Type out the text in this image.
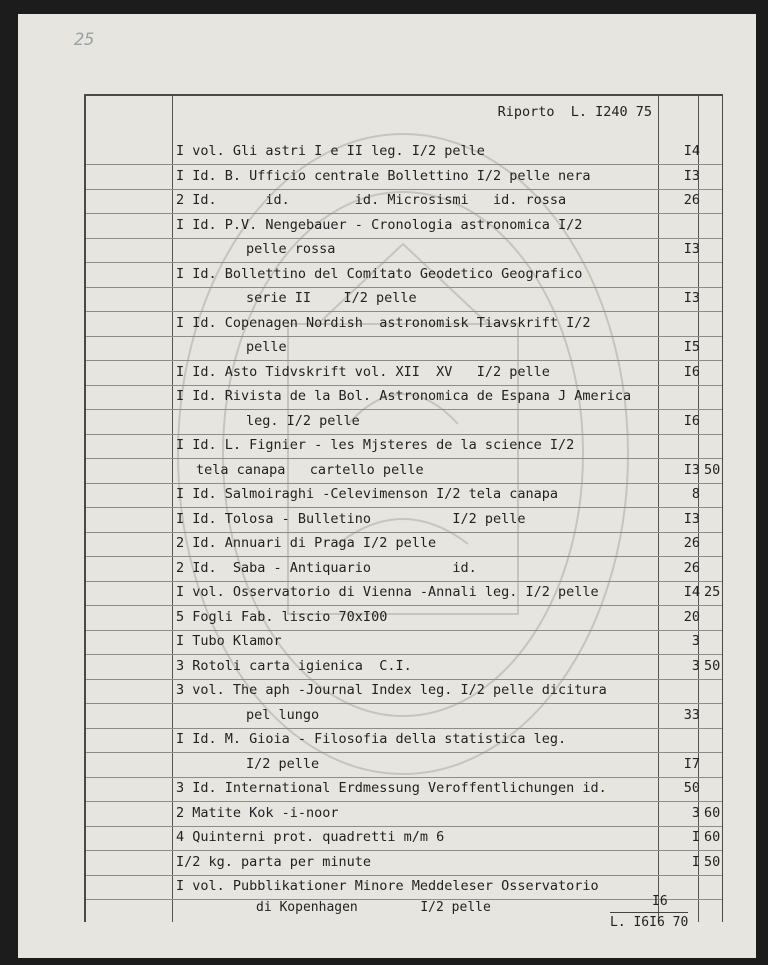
25
Riporto  L. I240 75
I vol. Gli astri I e II leg. I/2 pelle	I4
I Id. B. Ufficio centrale Bollettino I/2 pelle nera	I3
2 Id.      id.        id. Microsismi   id. rossa	26
I Id. P.V. Nengebauer - Cronologia astronomica I/2
pelle rossa	I3
I Id. Bollettino del Comitato Geodetico Geografico
serie II    I/2 pelle	I3
I Id. Copenagen Nordish  astronomisk Tiavskrift I/2
pelle	I5
I Id. Asto Tidvskrift vol. XII  XV   I/2 pelle	I6
I Id. Rivista de la Bol. Astronomica de Espana J America
leg. I/2 pelle	I6
I Id. L. Fignier - les Mjsteres de la science I/2
tela canapa   cartello pelle	I3 50
I Id. Salmoiraghi -Celevimenson I/2 tela canapa	8
I Id. Tolosa - Bulletino          I/2 pelle	I3
2 Id. Annuari di Praga I/2 pelle	26
2 Id.  Saba - Antiquario          id.	26
I vol. Osservatorio di Vienna -Annali leg. I/2 pelle	I4 25
5 Fogli Fab. liscio 70xI00	20
I Tubo Klamor	3
3 Rotoli carta igienica  C.I.	3 50
3 vol. The aph -Journal Index leg. I/2 pelle dicitura
pel lungo	33
I Id. M. Gioia - Filosofia della statistica leg.
I/2 pelle	I7
3 Id. International Erdmessung Veroffentlichungen id.	50
2 Matite Kok -i-noor	3 60
4 Quinterni prot. quadretti m/m 6	I 60
I/2 kg. parta per minute	I 50
I vol. Pubblikationer Minore Meddeleser Osservatorio
di Kopenhagen        I/2 pelle	I6
L. I6I6 70
